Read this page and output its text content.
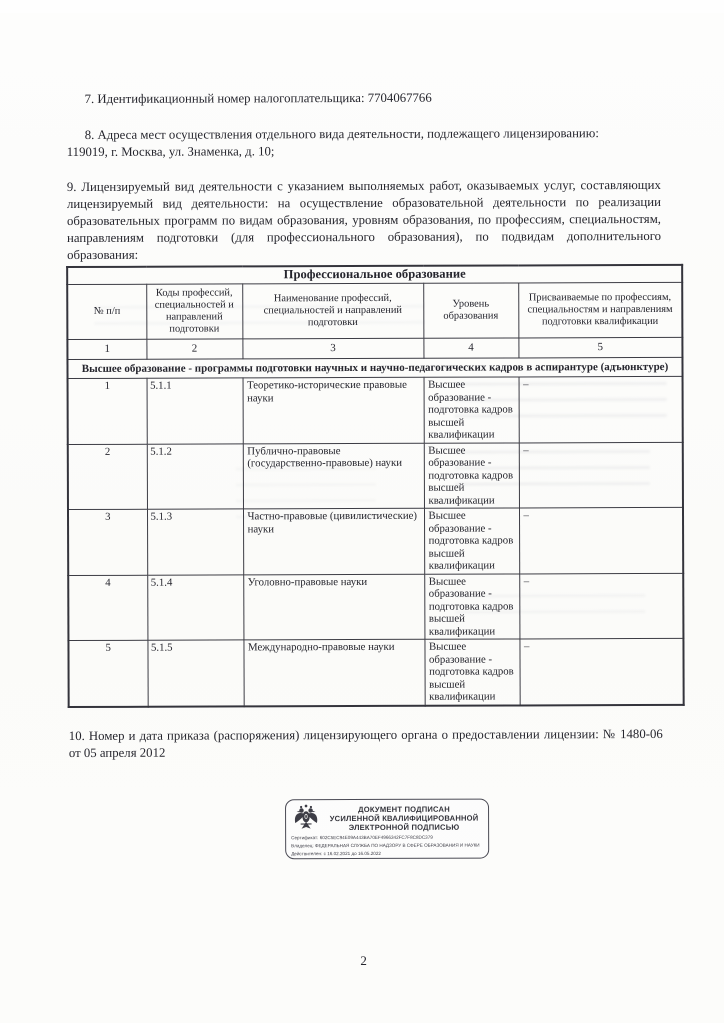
7. Идентификационный номер налогоплательщика: 7704067766
8. Адреса мест осуществления отдельного вида деятельности, подлежащего лицензированию:
119019, г. Москва, ул. Знаменка, д. 10;
9. Лицензируемый вид деятельности с указанием выполняемых работ, оказываемых услуг, составляющих лицензируемый вид деятельности: на осуществление образовательной деятельности по реализации образовательных программ по видам образования, уровням образования, по профессиям, специальностям, направлениям подготовки (для профессионального образования), по подвидам дополнительного образования:
Профессиональное образование				
№ п/п	Коды профессий, специальностей и направлений подготовки	Наименование профессий, специальностей и направлений подготовки	Уровень образования	Присваиваемые по профессиям, специальностям и направлениям подготовки квалификации
1	2	3	4	5
Высшее образование - программы подготовки научных и научно-педагогических кадров в аспирантуре (адъюнктуре)				
1	5.1.1	Теоретико-исторические правовые науки	Высшее образование - подготовка кадров высшей квалификации	–
2	5.1.2	Публично-правовые (государственно-правовые) науки	Высшее образование - подготовка кадров высшей квалификации	–
3	5.1.3	Частно-правовые (цивилистические) науки	Высшее образование - подготовка кадров высшей квалификации	–
4	5.1.4	Уголовно-правовые науки	Высшее образование - подготовка кадров высшей квалификации	–
5	5.1.5	Международно-правовые науки	Высшее образование - подготовка кадров высшей квалификации	–
10. Номер и дата приказа (распоряжения) лицензирующего органа о предоставлении лицензии: № 1480-06 от 05 апреля 2012
ДОКУМЕНТ ПОДПИСАН
УСИЛЕННОЙ КВАЛИФИЦИРОВАННОЙ
ЭЛЕКТРОННОЙ ПОДПИСЬЮ
Сертификат: 602C5EC94E09A443BA70EF4966342FC7F8C8DC379
Владелец: ФЕДЕРАЛЬНАЯ СЛУЖБА ПО НАДЗОРУ В СФЕРЕ ОБРАЗОВАНИЯ И НАУКИ
Действителен: с 16.02.2021 до 16.05.2022
2
